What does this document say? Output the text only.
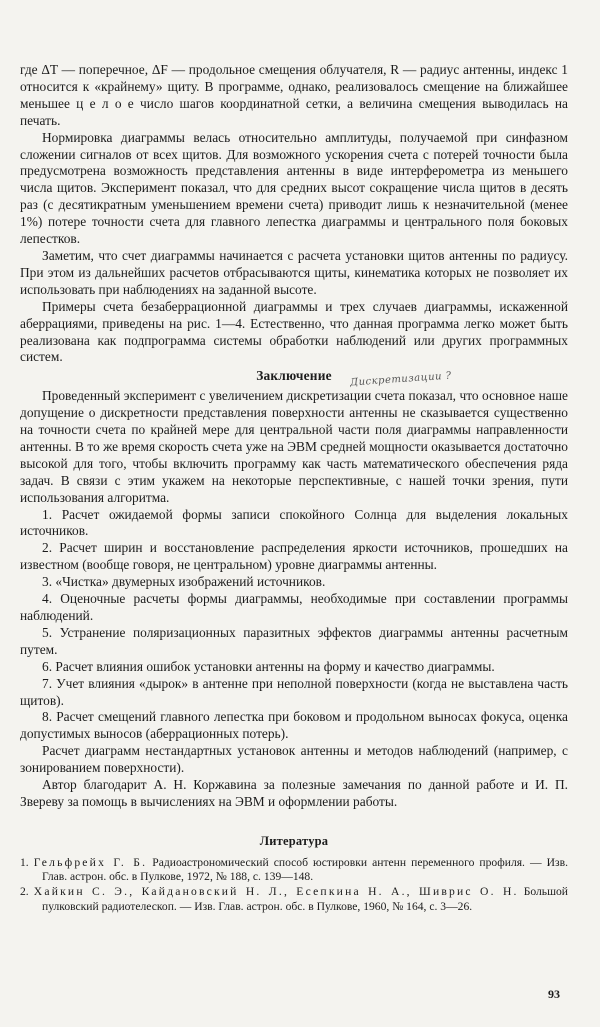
где ΔT — поперечное, ΔF — продольное смещения облучателя, R — радиус антенны, индекс 1 относится к «крайнему» щиту. В программе, однако, реализовалось смещение на ближайшее меньшее ц е л о е число шагов координатной сетки, а величина смещения выводилась на печать.

Нормировка диаграммы велась относительно амплитуды, получаемой при синфазном сложении сигналов от всех щитов. Для возможного ускорения счета с потерей точности была предусмотрена возможность представления антенны в виде интерферометра из меньшего числа щитов. Эксперимент показал, что для средних высот сокращение числа щитов в десять раз (с десятикратным уменьшением времени счета) приводит лишь к незначительной (менее 1%) потере точности счета для главного лепестка диаграммы и центрального поля боковых лепестков.

Заметим, что счет диаграммы начинается с расчета установки щитов антенны по радиусу. При этом из дальнейших расчетов отбрасываются щиты, кинематика которых не позволяет их использовать при наблюдениях на заданной высоте.

Примеры счета безаберрационной диаграммы и трех случаев диаграммы, искаженной аберрациями, приведены на рис. 1—4. Естественно, что данная программа легко может быть реализована как подпрограмма системы обработки наблюдений или других программных систем.

Заключение	Дискретизации ?

Проведенный эксперимент с увеличением дискретизации счета показал, что основное наше допущение о дискретности представления поверхности антенны не сказывается существенно на точности счета по крайней мере для центральной части поля диаграммы направленности антенны. В то же время скорость счета уже на ЭВМ средней мощности оказывается достаточно высокой для того, чтобы включить программу как часть математического обеспечения ряда задач. В связи с этим укажем на некоторые перспективные, с нашей точки зрения, пути использования алгоритма.

1. Расчет ожидаемой формы записи спокойного Солнца для выделения локальных источников.

2. Расчет ширин и восстановление распределения яркости источников, прошедших на известном (вообще говоря, не центральном) уровне диаграммы антенны.

3. «Чистка» двумерных изображений источников.

4. Оценочные расчеты формы диаграммы, необходимые при составлении программы наблюдений.

5. Устранение поляризационных паразитных эффектов диаграммы антенны расчетным путем.

6. Расчет влияния ошибок установки антенны на форму и качество диаграммы.

7. Учет влияния «дырок» в антенне при неполной поверхности (когда не выставлена часть щитов).

8. Расчет смещений главного лепестка при боковом и продольном выносах фокуса, оценка допустимых выносов (аберрационных потерь).

Расчет диаграмм нестандартных установок антенны и методов наблюдений (например, с зонированием поверхности).

Автор благодарит А. Н. Коржавина за полезные замечания по данной работе и И. П. Звереву за помощь в вычислениях на ЭВМ и оформлении работы.

Литература
1. Гельфрейх Г. Б. Радиоастрономический способ юстировки антенн переменного профиля. — Изв. Глав. астрон. обс. в Пулкове, 1972, № 188, с. 139—148.
2. Хайкин С. Э., Кайдановский Н. Л., Есепкина Н. А., Шиврис О. Н. Большой пулковский радиотелескоп. — Изв. Глав. астрон. обс. в Пулкове, 1960, № 164, с. 3—26.
93
